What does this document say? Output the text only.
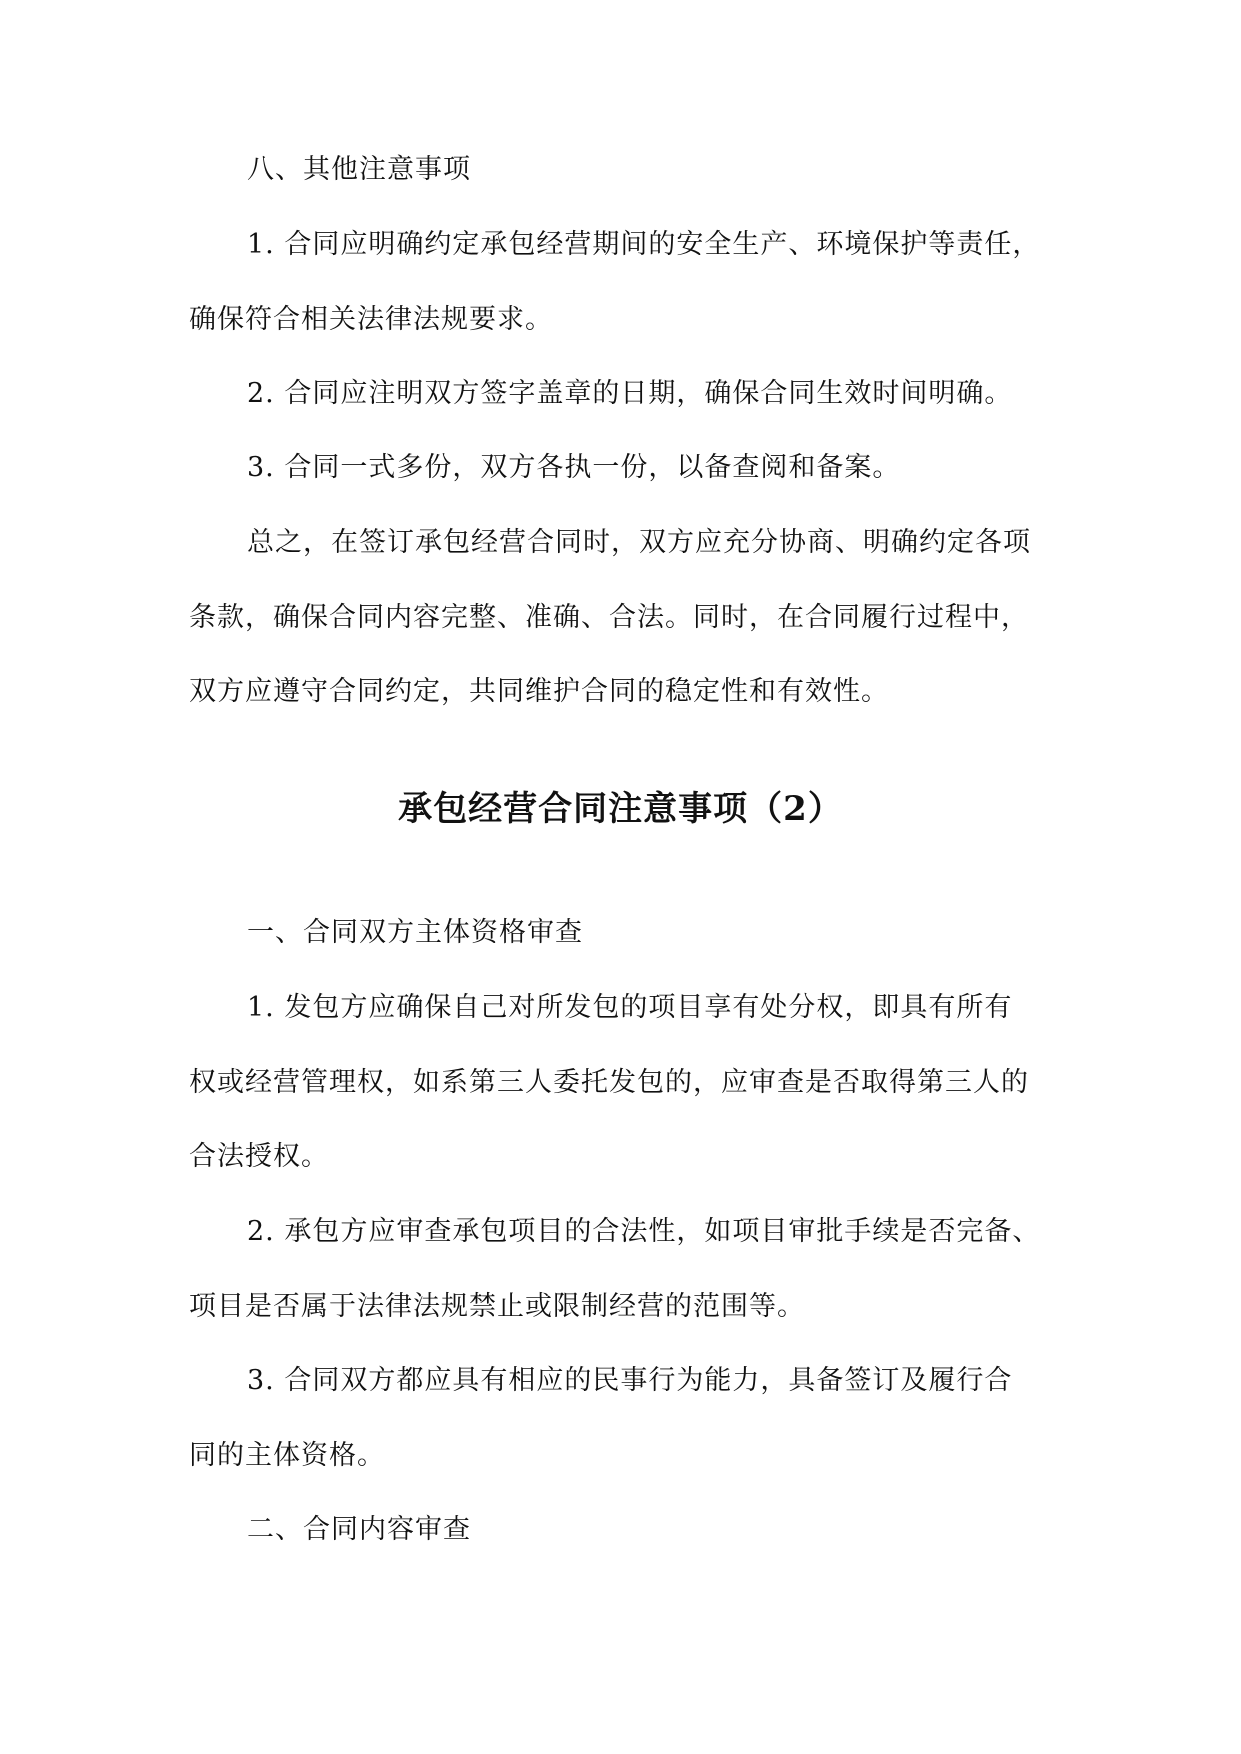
八、其他注意事项

1. 合同应明确约定承包经营期间的安全生产、环境保护等责任，

确保符合相关法律法规要求。

2. 合同应注明双方签字盖章的日期，确保合同生效时间明确。

3. 合同一式多份，双方各执一份，以备查阅和备案。

总之，在签订承包经营合同时，双方应充分协商、明确约定各项

条款，确保合同内容完整、准确、合法。同时，在合同履行过程中，

双方应遵守合同约定，共同维护合同的稳定性和有效性。

承包经营合同注意事项（2）

一、合同双方主体资格审查

1. 发包方应确保自己对所发包的项目享有处分权，即具有所有

权或经营管理权，如系第三人委托发包的，应审查是否取得第三人的

合法授权。

2. 承包方应审查承包项目的合法性，如项目审批手续是否完备、

项目是否属于法律法规禁止或限制经营的范围等。

3. 合同双方都应具有相应的民事行为能力，具备签订及履行合

同的主体资格。

二、合同内容审查
